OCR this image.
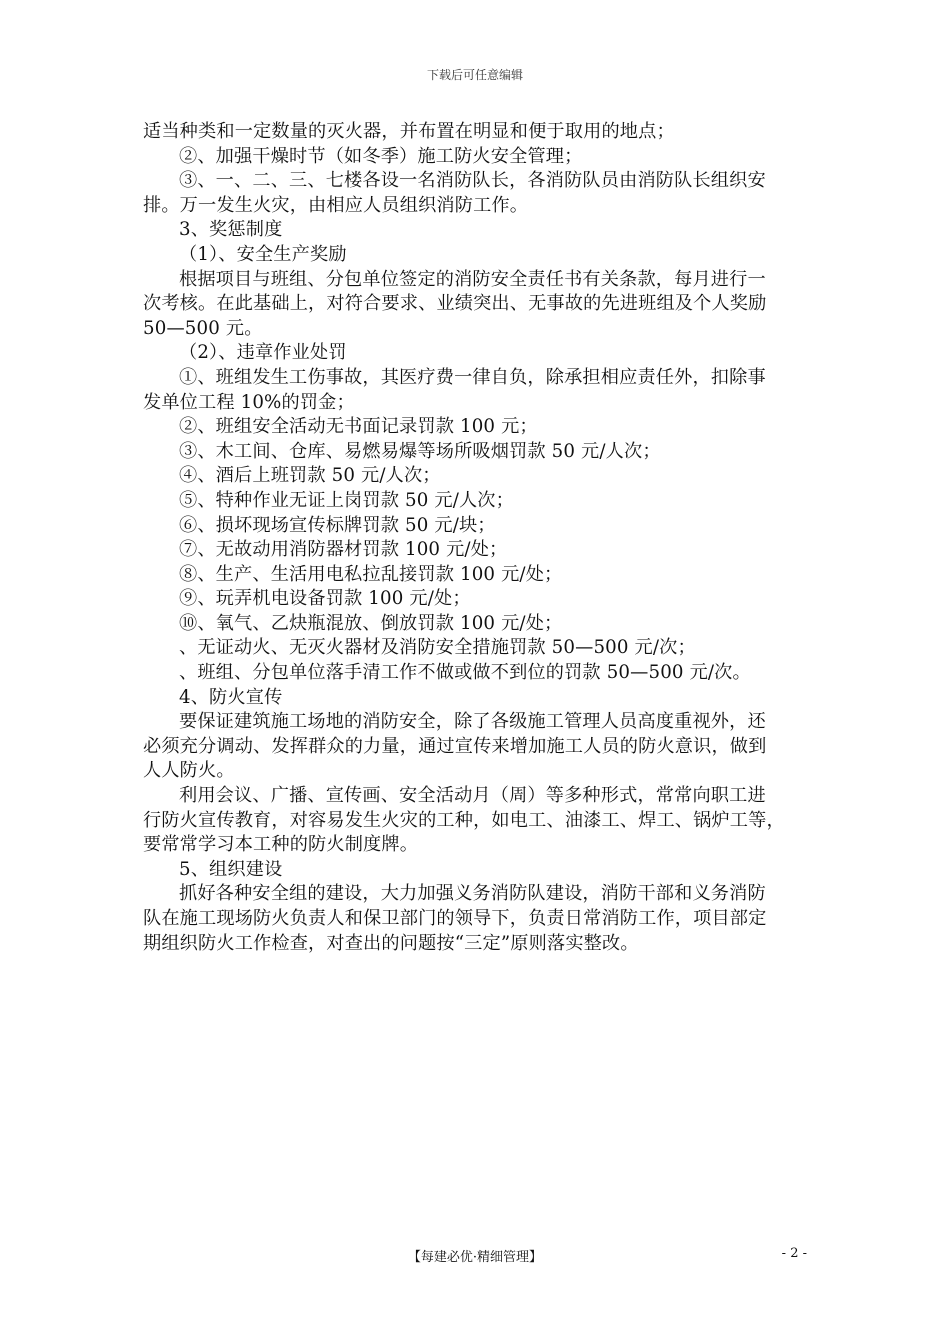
下载后可任意编辑
适当种类和一定数量的灭火器，并布置在明显和便于取用的地点；
②、加强干燥时节（如冬季）施工防火安全管理；
③、一、二、三、七楼各设一名消防队长，各消防队员由消防队长组织安
排。万一发生火灾，由相应人员组织消防工作。
3、奖惩制度
（1）、安全生产奖励
根据项目与班组、分包单位签定的消防安全责任书有关条款，每月进行一
次考核。在此基础上，对符合要求、业绩突出、无事故的先进班组及个人奖励
50—500 元。
（2）、违章作业处罚
①、班组发生工伤事故，其医疗费一律自负，除承担相应责任外，扣除事
发单位工程 10%的罚金；
②、班组安全活动无书面记录罚款 100 元；
③、木工间、仓库、易燃易爆等场所吸烟罚款 50 元/人次；
④、酒后上班罚款 50 元/人次；
⑤、特种作业无证上岗罚款 50 元/人次；
⑥、损坏现场宣传标牌罚款 50 元/块；
⑦、无故动用消防器材罚款 100 元/处；
⑧、生产、生活用电私拉乱接罚款 100 元/处；
⑨、玩弄机电设备罚款 100 元/处；
⑩、氧气、乙炔瓶混放、倒放罚款 100 元/处；
、无证动火、无灭火器材及消防安全措施罚款 50—500 元/次；
、班组、分包单位落手清工作不做或做不到位的罚款 50—500 元/次。
4、防火宣传
要保证建筑施工场地的消防安全，除了各级施工管理人员高度重视外，还
必须充分调动、发挥群众的力量，通过宣传来增加施工人员的防火意识，做到
人人防火。
利用会议、广播、宣传画、安全活动月（周）等多种形式，常常向职工进
行防火宣传教育，对容易发生火灾的工种，如电工、油漆工、焊工、锅炉工等，
要常常学习本工种的防火制度牌。
5、组织建设
抓好各种安全组的建设，大力加强义务消防队建设，消防干部和义务消防
队在施工现场防火负责人和保卫部门的领导下，负责日常消防工作，项目部定
期组织防火工作检查，对查出的问题按“三定”原则落实整改。
【每建必优·精细管理】	- 2 -
